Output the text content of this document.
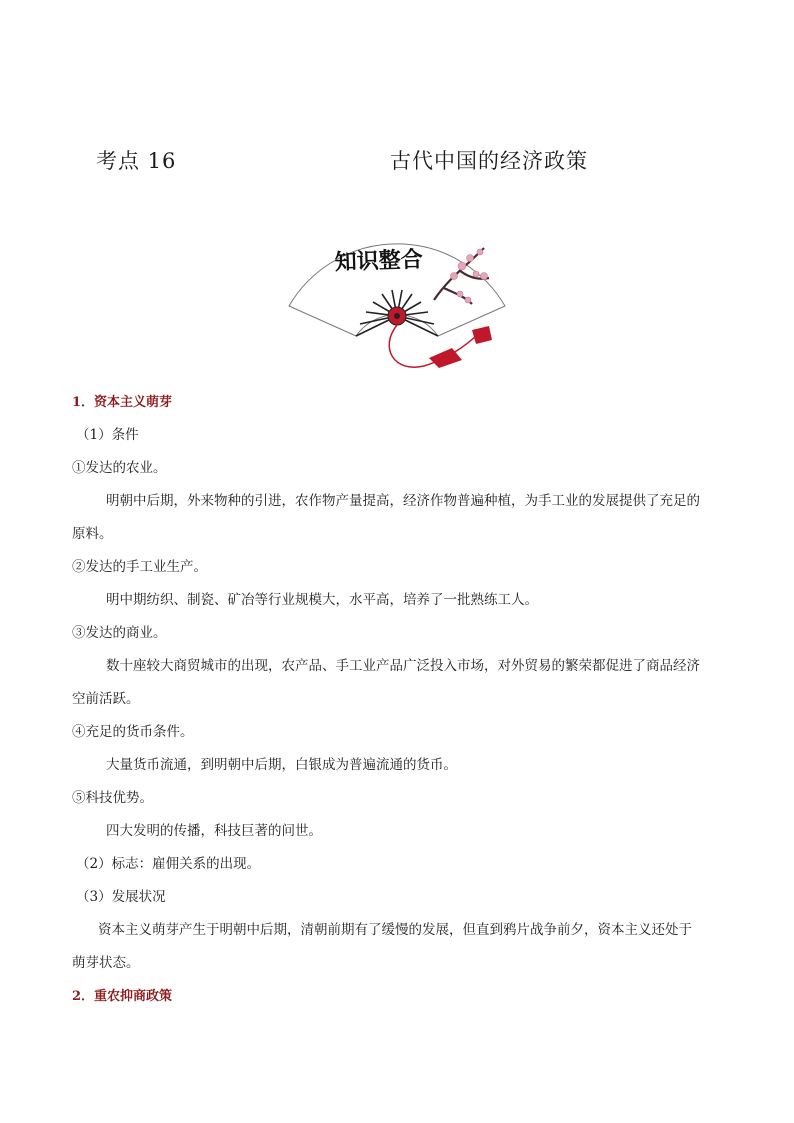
考点 16	古代中国的经济政策
知识整合
1．资本主义萌芽
（1）条件
①发达的农业。
明朝中后期，外来物种的引进，农作物产量提高，经济作物普遍种植，为手工业的发展提供了充足的
原料。
②发达的手工业生产。
明中期纺织、制瓷、矿冶等行业规模大，水平高，培养了一批熟练工人。
③发达的商业。
数十座较大商贸城市的出现，农产品、手工业产品广泛投入市场，对外贸易的繁荣都促进了商品经济
空前活跃。
④充足的货币条件。
大量货币流通，到明朝中后期，白银成为普遍流通的货币。
⑤科技优势。
四大发明的传播，科技巨著的问世。
（2）标志：雇佣关系的出现。
（3）发展状况
资本主义萌芽产生于明朝中后期，清朝前期有了缓慢的发展，但直到鸦片战争前夕，资本主义还处于
萌芽状态。
2．重农抑商政策
